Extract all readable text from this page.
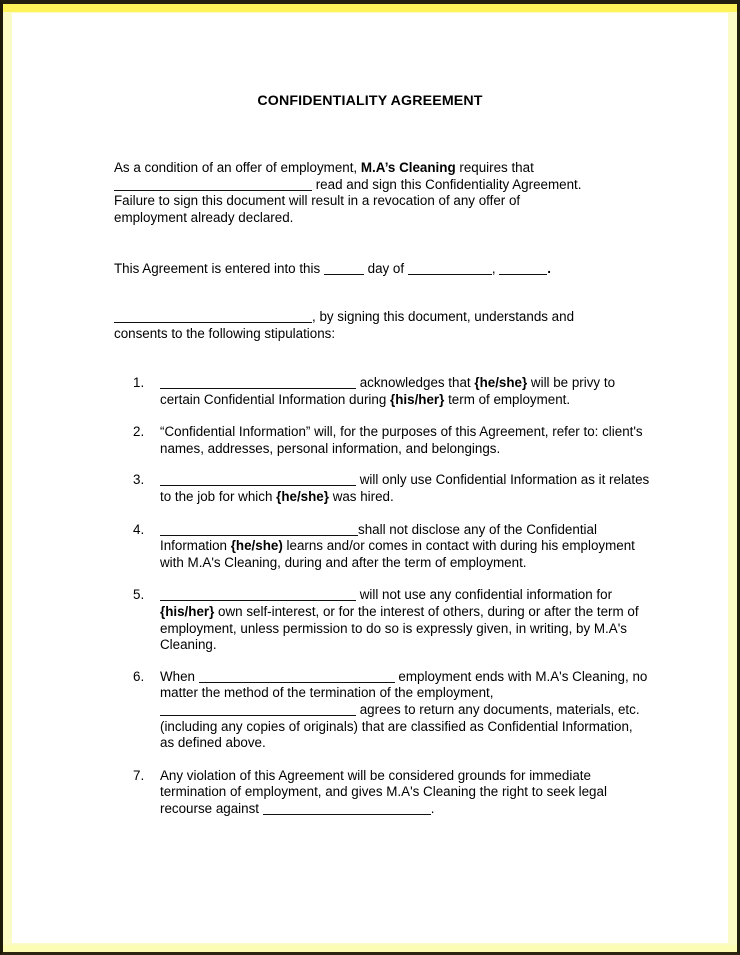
CONFIDENTIALITY AGREEMENT
As a condition of an offer of employment, M.A’s Cleaning requires that
read and sign this Confidentiality Agreement.
Failure to sign this document will result in a revocation of any offer of
employment already declared.
This Agreement is entered into this	day of	,	.
, by signing this document, understands and
consents to the following stipulations:
1.	acknowledges that {he/she} will be privy to certain Confidential Information during {his/her} term of employment.
2.	“Confidential Information” will, for the purposes of this Agreement, refer to: client's names, addresses, personal information, and belongings.
3.	will only use Confidential Information as it relates to the job for which {he/she} was hired.
4.	shall not disclose any of the Confidential Information {he/she) learns and/or comes in contact with during his employment with M.A's Cleaning, during and after the term of employment.
5.	will not use any confidential information for {his/her} own self-interest, or for the interest of others, during or after the term of employment, unless permission to do so is expressly given, in writing, by M.A's Cleaning.
6.	When	employment ends with M.A's Cleaning, no matter the method of the termination of the employment,  agrees to return any documents, materials, etc. (including any copies of originals) that are classified as Confidential Information, as defined above.
7.	Any violation of this Agreement will be considered grounds for immediate termination of employment, and gives M.A's Cleaning the right to seek legal recourse against	.
